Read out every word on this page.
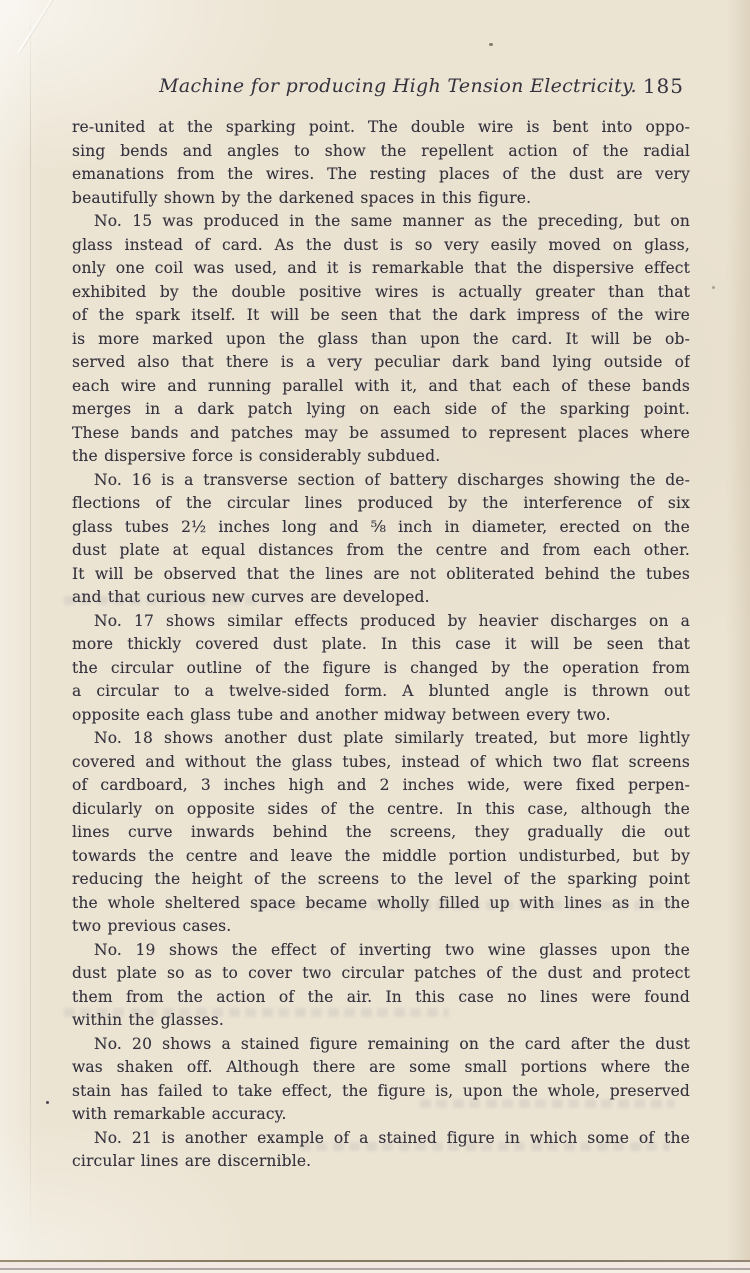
Machine for producing High Tension Electricity. 185
re-united at the sparking point. The double wire is bent into oppo-
sing bends and angles to show the repellent action of the radial
emanations from the wires. The resting places of the dust are very
beautifully shown by the darkened spaces in this figure.
No. 15 was produced in the same manner as the preceding, but on
glass instead of card. As the dust is so very easily moved on glass,
only one coil was used, and it is remarkable that the dispersive effect
exhibited by the double positive wires is actually greater than that
of the spark itself. It will be seen that the dark impress of the wire
is more marked upon the glass than upon the card. It will be ob-
served also that there is a very peculiar dark band lying outside of
each wire and running parallel with it, and that each of these bands
merges in a dark patch lying on each side of the sparking point.
These bands and patches may be assumed to represent places where
the dispersive force is considerably subdued.
No. 16 is a transverse section of battery discharges showing the de-
flections of the circular lines produced by the interference of six
glass tubes 2½ inches long and ⅝ inch in diameter, erected on the
dust plate at equal distances from the centre and from each other.
It will be observed that the lines are not obliterated behind the tubes
and that curious new curves are developed.
No. 17 shows similar effects produced by heavier discharges on a
more thickly covered dust plate. In this case it will be seen that
the circular outline of the figure is changed by the operation from
a circular to a twelve-sided form. A blunted angle is thrown out
opposite each glass tube and another midway between every two.
No. 18 shows another dust plate similarly treated, but more lightly
covered and without the glass tubes, instead of which two flat screens
of cardboard, 3 inches high and 2 inches wide, were fixed perpen-
dicularly on opposite sides of the centre. In this case, although the
lines curve inwards behind the screens, they gradually die out
towards the centre and leave the middle portion undisturbed, but by
reducing the height of the screens to the level of the sparking point
the whole sheltered space became wholly filled up with lines as in the
two previous cases.
No. 19 shows the effect of inverting two wine glasses upon the
dust plate so as to cover two circular patches of the dust and protect
them from the action of the air. In this case no lines were found
within the glasses.
No. 20 shows a stained figure remaining on the card after the dust
was shaken off. Although there are some small portions where the
stain has failed to take effect, the figure is, upon the whole, preserved
with remarkable accuracy.
No. 21 is another example of a stained figure in which some of the
circular lines are discernible.
